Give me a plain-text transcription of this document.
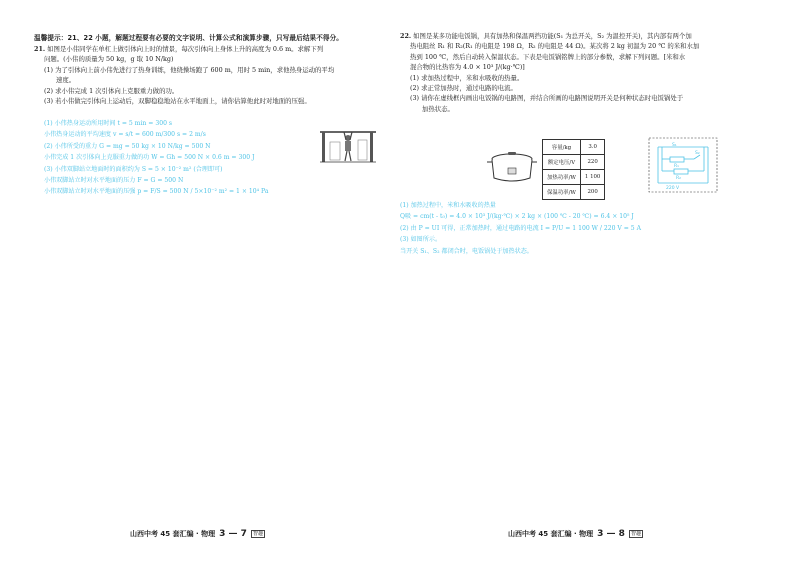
温馨提示：21、22 小题，解题过程要有必要的文字说明、计算公式和演算步骤，只写最后结果不得分。

21. 如图是小伟同学在单杠上做引体向上时的情景，每次引体向上身体上升的高度为 0.6 m。求解下列

问题。(小伟的质量为 50 kg，g 取 10 N/kg)

(1) 为了引体向上前小伟先进行了热身训练，他绕操场跑了 600 m，用时 5 min，求他热身运动的平均

速度。

(2) 求小伟完成 1 次引体向上克服重力做的功。

(3) 若小伟做完引体向上运动后，双脚稳稳地站在水平地面上，请你估算他此时对地面的压强。

(1) 小伟热身运动所用时间 t = 5 min = 300 s

小伟热身运动的平均速度 v = s/t = 600 m/300 s = 2 m/s

(2) 小伟所受的重力 G = mg = 50 kg × 10 N/kg = 500 N

小伟完成 1 次引体向上克服重力做的功 W = Gh = 500 N × 0.6 m = 300 J

(3) 小伟双脚站立地面时的面积约为 S = 5 × 10⁻² m² (合理即可)

小伟双脚站立时对水平地面的压力 F = G = 500 N

小伟双脚站立时对水平地面的压强 p = F/S = 500 N / 5×10⁻² m² = 1 × 10⁴ Pa

山西中考 45 套汇编 · 物理 3 — 7	智趣

22. 如图是某多功能电饭锅，具有加热和保温两挡功能(S₁ 为总开关，S₂ 为温控开关)，其内部有两个加

热电阻丝 R₁ 和 R₂(R₁ 的电阻是 198 Ω，R₂ 的电阻是 44 Ω)。某次将 2 kg 初温为 20 ℃ 的米和水加

热到 100 ℃，然后自动转入保温状态。下表是电饭锅铭牌上的部分参数，求解下列问题。[米和水

混合物的比热容为 4.0 × 10³ J/(kg·℃)]

(1) 求加热过程中，米和水吸收的热量。

(2) 求正常加热时，通过电路的电流。

(3) 请你在虚线框内画出电饭锅的电路图，并结合所画的电路图说明开关是何种状态时电饭锅处于

加热状态。

容量/kg	3.0
额定电压/V	220
加热功率/W	1 100
保温功率/W	200
S₁
R₁
R₂
S₂
220 V

(1) 加热过程中，米和水吸收的热量

Q吸 = cm(t - t₀) = 4.0 × 10³ J/(kg·℃) × 2 kg × (100 ℃ - 20 ℃) = 6.4 × 10⁵ J

(2) 由 P = UI 可得，正常加热时，通过电路的电流 I = P/U = 1 100 W / 220 V = 5 A

(3) 如图所示。

当开关 S₁、S₂ 都闭合时，电饭锅处于加热状态。

山西中考 45 套汇编 · 物理 3 — 8	智趣
